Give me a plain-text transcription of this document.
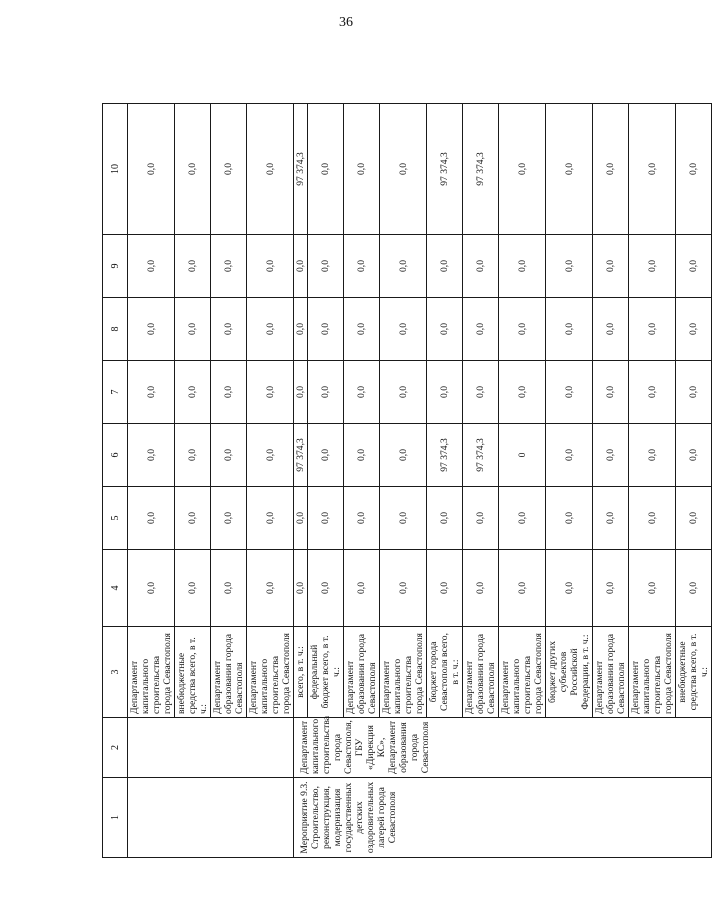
36
1	2	3	4	5	6	7	8	9	10
		Департамент капитального строительства города Севастополя	0,0	0,0	0,0	0,0	0,0	0,0	0,0
		внебюджетные средства всего, в т. ч.:	0,0	0,0	0,0	0,0	0,0	0,0	0,0
		Департамент образования города Севастополя	0,0	0,0	0,0	0,0	0,0	0,0	0,0
		Департамент капитального строительства города Севастополя	0,0	0,0	0,0	0,0	0,0	0,0	0,0
Мероприятие 9.3. Строительство, реконструкция, модернизация государственных детских оздоровительных лагерей города Севастополя	Департамент капитального строительства города Севастополя, ГБУ «Дирекция КС», Департамент образования города Севастополя	всего, в т. ч.:	0,0	0,0	97 374,3	0,0	0,0	0,0	97 374,3
		федеральный бюджет всего, в т. ч.:	0,0	0,0	0,0	0,0	0,0	0,0	0,0
		Департамент образования города Севастополя	0,0	0,0	0,0	0,0	0,0	0,0	0,0
		Департамент капитального строительства города Севастополя	0,0	0,0	0,0	0,0	0,0	0,0	0,0
		бюджет города Севастополя всего, в т. ч.:	0,0	0,0	97 374,3	0,0	0,0	0,0	97 374,3
		Департамент образования города Севастополя	0,0	0,0	97 374,3	0,0	0,0	0,0	97 374,3
		Департамент капитального строительства города Севастополя	0,0	0,0	0	0,0	0,0	0,0	0,0
		бюджет других субъектов Российской Федерации, в т. ч.:	0,0	0,0	0,0	0,0	0,0	0,0	0,0
		Департамент образования города Севастополя	0,0	0,0	0,0	0,0	0,0	0,0	0,0
		Департамент капитального строительства города Севастополя	0,0	0,0	0,0	0,0	0,0	0,0	0,0
		внебюджетные средства всего, в т. ч.:	0,0	0,0	0,0	0,0	0,0	0,0	0,0
